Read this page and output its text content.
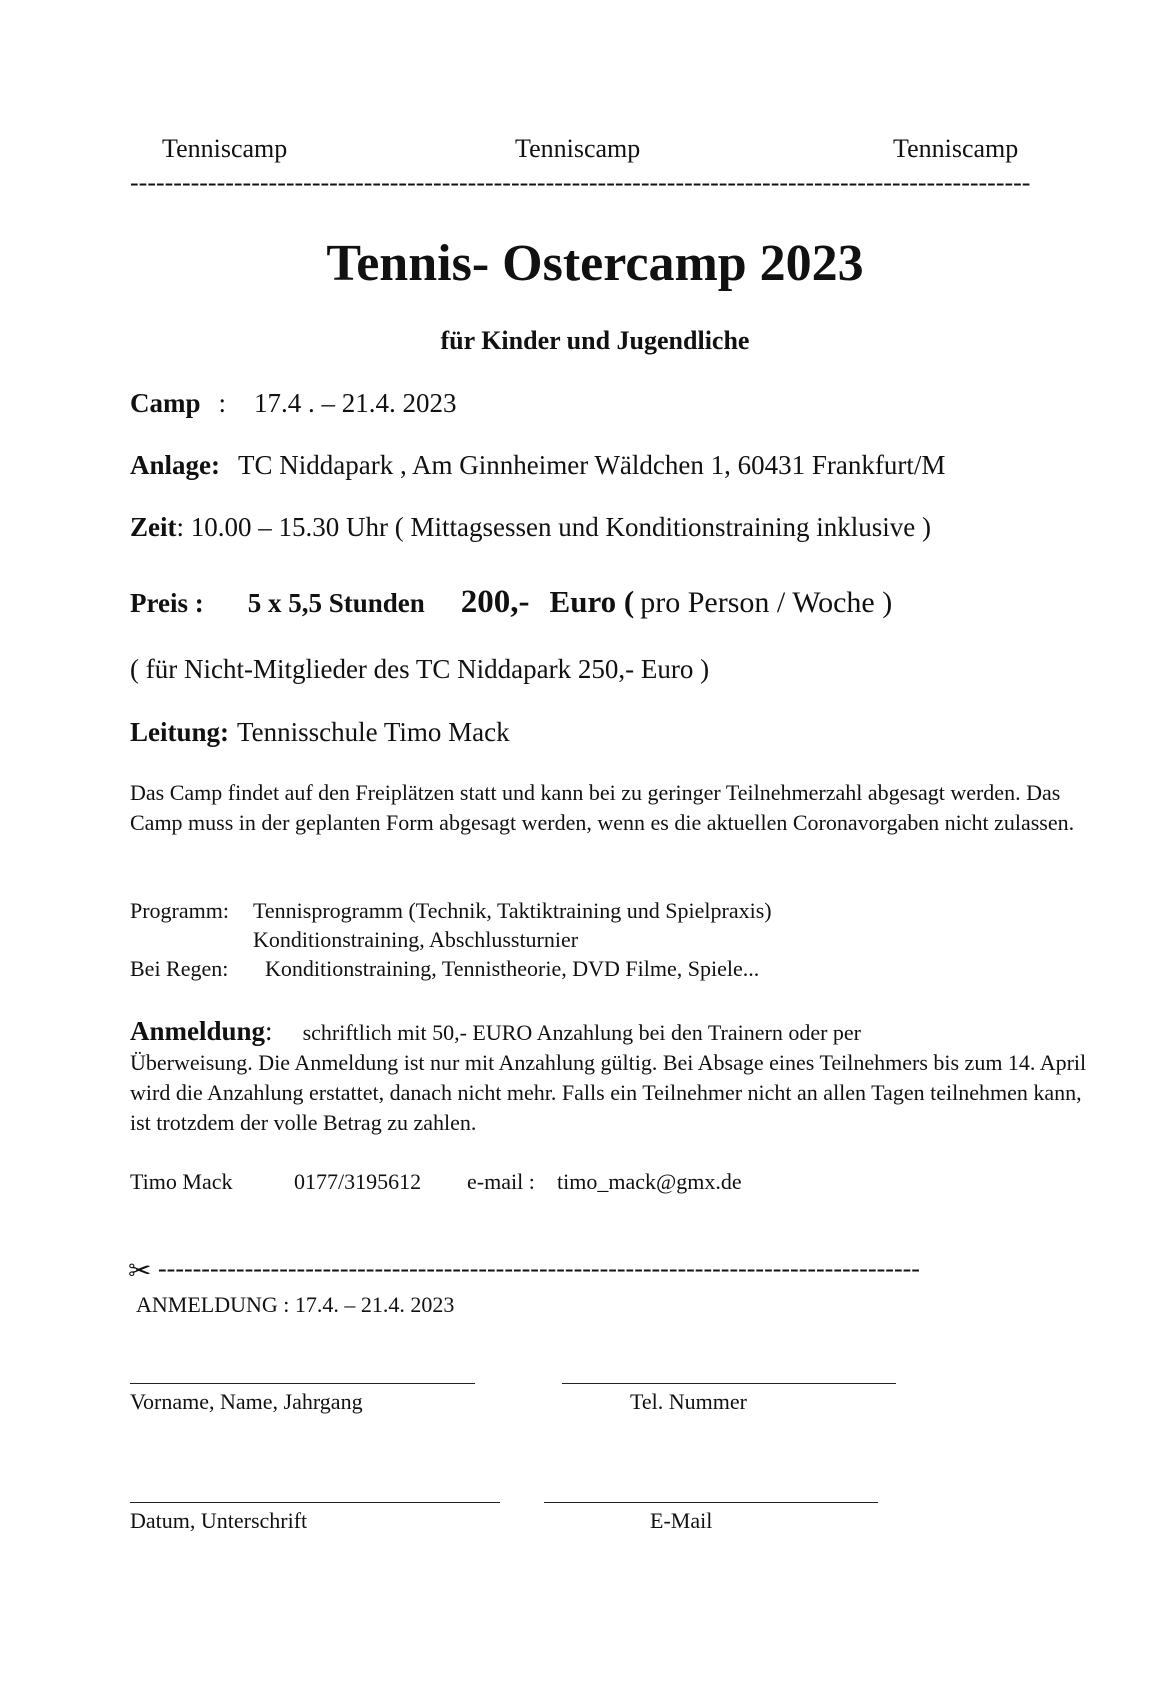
Tenniscamp	Tenniscamp	Tenniscamp
--------------------------------------------------------------------------------------------------------
Tennis- Ostercamp 2023
für Kinder und Jugendliche
Camp : 17.4 . – 21.4. 2023
Anlage: TC Niddapark , Am Ginnheimer Wäldchen 1, 60431 Frankfurt/M
Zeit: 10.00 – 15.30 Uhr ( Mittagsessen und Konditionstraining inklusive )
Preis : 5 x 5,5 Stunden 200,- Euro ( pro Person / Woche )
( für Nicht-Mitglieder des TC Niddapark 250,- Euro )
Leitung: Tennisschule Timo Mack
Das Camp findet auf den Freiplätzen statt und kann bei zu geringer Teilnehmerzahl abgesagt werden. Das Camp muss in der geplanten Form abgesagt werden, wenn es die aktuellen Coronavorgaben nicht zulassen.
Programm: Tennisprogramm (Technik, Taktiktraining und Spielpraxis)
Konditionstraining, Abschlussturnier
Bei Regen: Konditionstraining, Tennistheorie, DVD Filme, Spiele...
Anmeldung: schriftlich mit 50,- EURO Anzahlung bei den Trainern oder per
Überweisung. Die Anmeldung ist nur mit Anzahlung gültig. Bei Absage eines Teilnehmers bis zum 14. April wird die Anzahlung erstattet, danach nicht mehr. Falls ein Teilnehmer nicht an allen Tagen teilnehmen kann, ist trotzdem der volle Betrag zu zahlen.
Timo Mack	0177/3195612 e-mail : timo_mack@gmx.de
✂ ----------------------------------------------------------------------------------------
ANMELDUNG : 17.4. – 21.4. 2023
Vorname, Name, Jahrgang	Tel. Nummer
Datum, Unterschrift	E-Mail
